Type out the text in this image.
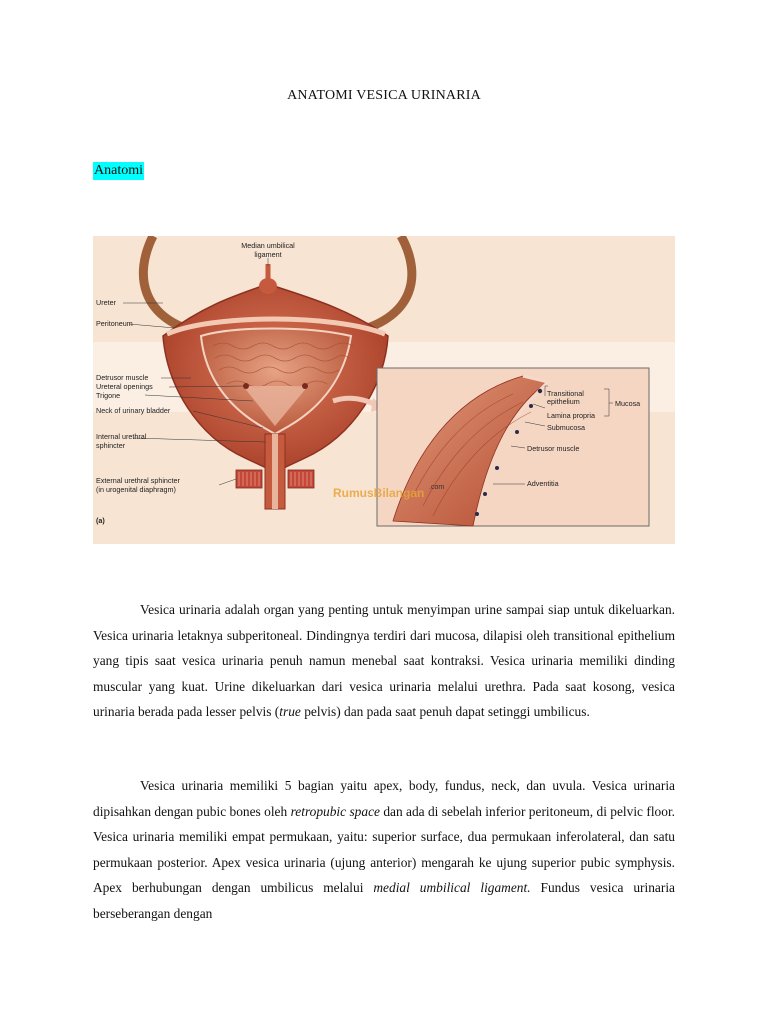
ANATOMI VESICA URINARIA
Anatomi
Median umbilical
ligament
Ureter
Peritoneum
Detrusor muscle
Ureteral openings
Trigone
Neck of urinary bladder
Internal urethral
sphincter
External urethral sphincter
(in urogenital diaphragm)
(a)
Transitional
epithelium
Lamina propria
Submucosa
Mucosa
Detrusor muscle
Adventitia
RumusBilangan .com

Vesica urinaria adalah organ yang penting untuk menyimpan urine sampai siap untuk dikeluarkan. Vesica urinaria letaknya subperitoneal. Dindingnya terdiri dari mucosa, dilapisi oleh transitional epithelium yang tipis saat vesica urinaria penuh namun menebal saat kontraksi. Vesica urinaria memiliki dinding muscular yang kuat. Urine dikeluarkan dari vesica urinaria melalui urethra. Pada saat kosong, vesica urinaria berada pada lesser pelvis (true pelvis) dan pada saat penuh dapat setinggi umbilicus.

Vesica urinaria memiliki 5 bagian yaitu apex, body, fundus, neck, dan uvula. Vesica urinaria dipisahkan dengan pubic bones oleh retropubic space dan ada di sebelah inferior peritoneum, di pelvic floor. Vesica urinaria memiliki empat permukaan, yaitu: superior surface, dua permukaan inferolateral, dan satu permukaan posterior. Apex vesica urinaria (ujung anterior) mengarah ke ujung superior pubic symphysis. Apex berhubungan dengan umbilicus melalui medial umbilical ligament. Fundus vesica urinaria berseberangan dengan
